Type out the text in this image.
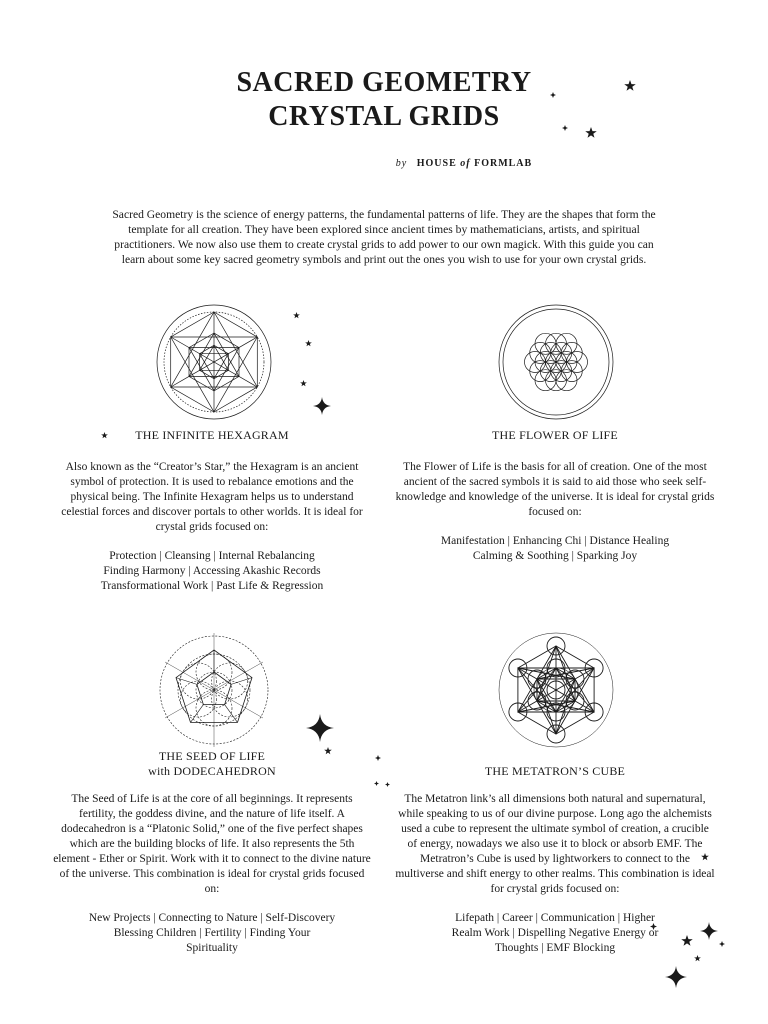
SACRED GEOMETRY
CRYSTAL GRIDS
by HOUSE of FORMLAB

Sacred Geometry is the science of energy patterns, the fundamental patterns of life. They are the shapes that form the template for all creation. They have been explored since ancient times by mathematicians, artists, and spiritual practitioners. We now also use them to create crystal grids to add power to our own magick. With this guide you can learn about some key sacred geometry symbols and print out the ones you wish to use for your own crystal grids.

THE INFINITE HEXAGRAM

Also known as the “Creator’s Star,” the Hexagram is an ancient symbol of protection. It is used to rebalance emotions and the physical being. The Infinite Hexagram helps us to understand celestial forces and discover portals to other worlds. It is ideal for crystal grids focused on:

Protection | Cleansing | Internal Rebalancing
Finding Harmony | Accessing Akashic Records
Transformational Work | Past Life & Regression
THE FLOWER OF LIFE

The Flower of Life is the basis for all of creation. One of the most ancient of the sacred symbols it is said to aid those who seek self-knowledge and knowledge of the universe. It is ideal for crystal grids focused on:

Manifestation | Enhancing Chi | Distance Healing
Calming & Soothing | Sparking Joy
THE SEED OF LIFE
with DODECAHEDRON

The Seed of Life is at the core of all beginnings. It represents fertility, the goddess divine, and the nature of life itself. A dodecahedron is a “Platonic Solid,” one of the five perfect shapes which are the building blocks of life. It also represents the 5th element - Ether or Spirit. Work with it to connect to the divine nature of the universe. This combination is ideal for crystal grids focused on:

New Projects | Connecting to Nature | Self-Discovery
Blessing Children | Fertility | Finding Your
Spirituality
THE METATRON’S CUBE

The Metatron link’s all dimensions both natural and supernatural, while speaking to us of our divine purpose. Long ago the alchemists used a cube to represent the ultimate symbol of creation, a crucible of energy, nowadays we also use it to block or absorb EMF. The Metratron’s Cube is used by lightworkers to connect to the multiverse and shift energy to other realms. This combination is ideal for crystal grids focused on:

Lifepath | Career | Communication | Higher
Realm Work | Dispelling Negative Energy or
Thoughts | EMF Blocking
